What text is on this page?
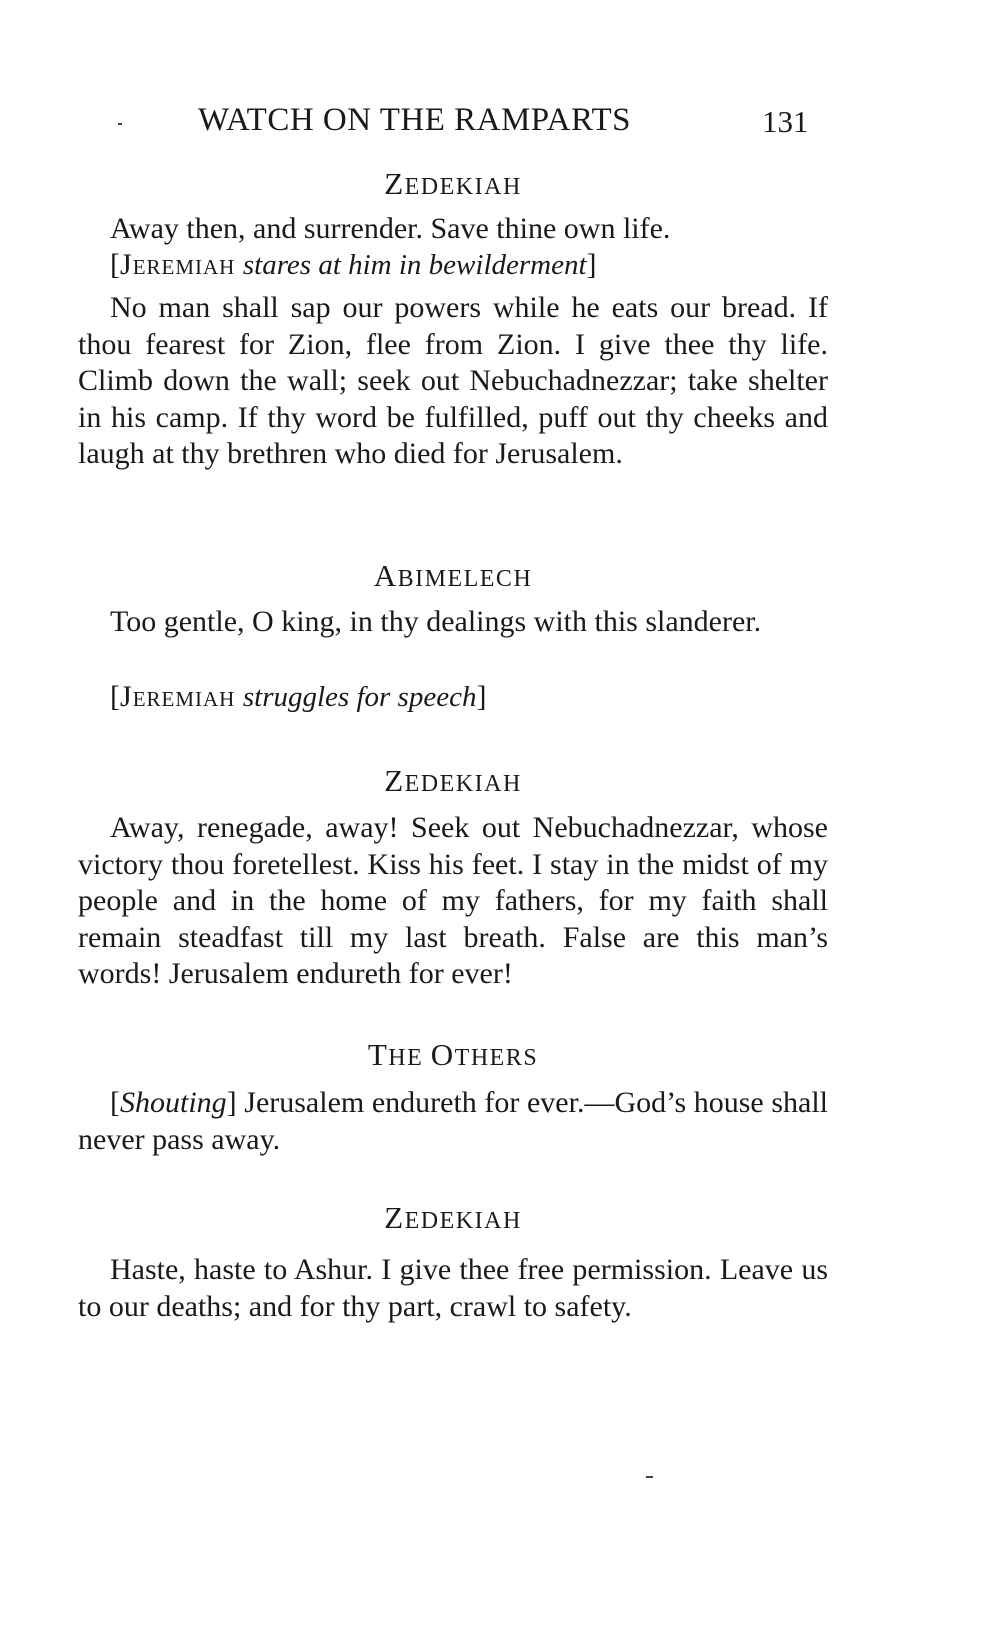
WATCH ON THE RAMPARTS	131
ZEDEKIAH
Away then, and surrender. Save thine own life.
[JEREMIAH stares at him in bewilderment]
No man shall sap our powers while he eats our bread. If thou fearest for Zion, flee from Zion. I give thee thy life. Climb down the wall; seek out Nebuchadnezzar; take shelter in his camp. If thy word be fulfilled, puff out thy cheeks and laugh at thy brethren who died for Jerusalem.
ABIMELECH
Too gentle, O king, in thy dealings with this slanderer.
[JEREMIAH struggles for speech]
ZEDEKIAH
Away, renegade, away! Seek out Nebuchadnezzar, whose victory thou foretellest. Kiss his feet. I stay in the midst of my people and in the home of my fathers, for my faith shall remain steadfast till my last breath. False are this man’s words! Jerusalem endureth for ever!
THE OTHERS
[Shouting] Jerusalem endureth for ever.—God’s house shall never pass away.
ZEDEKIAH
Haste, haste to Ashur. I give thee free permission. Leave us to our deaths; and for thy part, crawl to safety.
